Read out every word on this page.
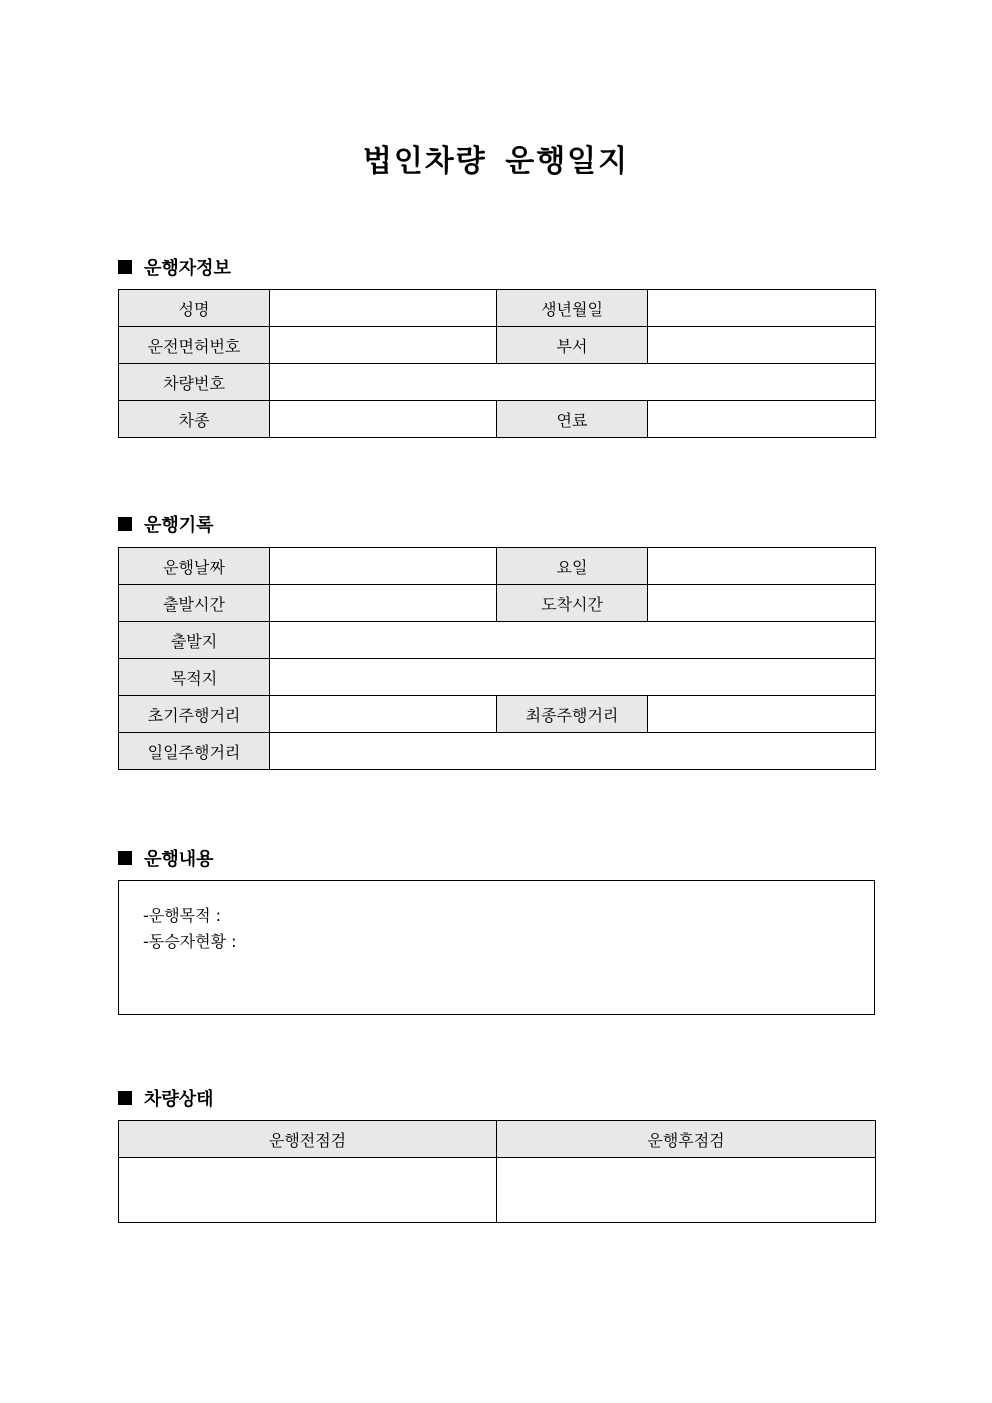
법인차량 운행일지
운행자정보
성명		생년월일	
운전면허번호		부서	
차량번호			
차종		연료	
운행기록
운행날짜		요일	
출발시간		도착시간	
출발지			
목적지			
초기주행거리		최종주행거리	
일일주행거리			
운행내용
-운행목적 :
-동승자현황 :
차량상태
운행전점검	운행후점검
